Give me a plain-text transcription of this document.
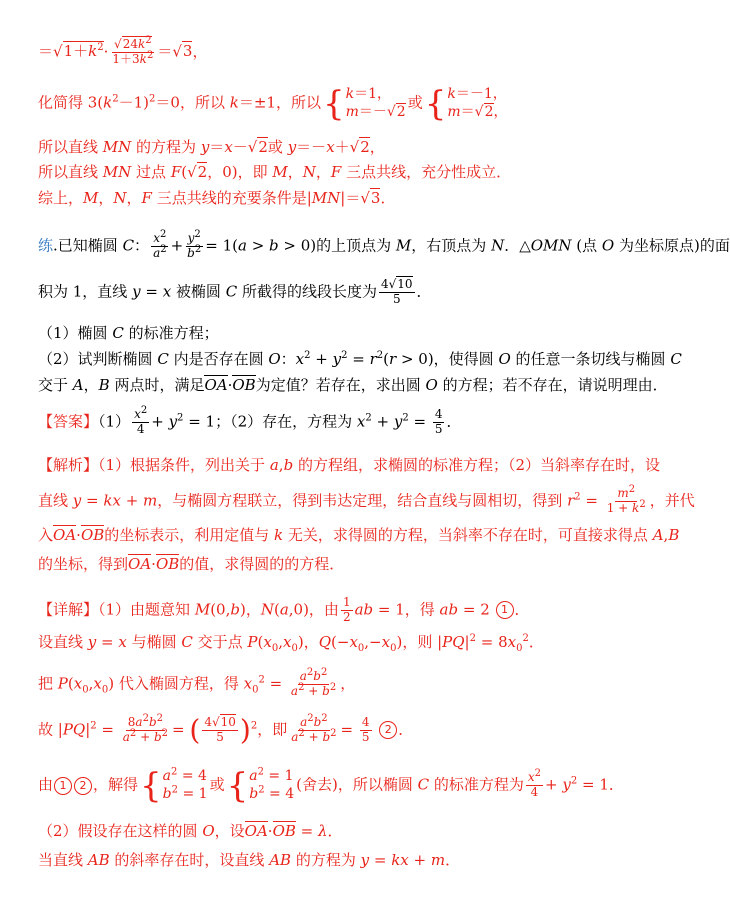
$=√1+k^2\cdot \frac{√24k^2}{1+3k^2} =√3$，
化简得 $3(k^2-1)^2=0$，所以 k＝±1，所以 { k＝1，
m＝－√2 或 { k＝－1，
m＝√2，
所以直线 MN 的方程为 y＝x－√2或 y＝－x＋√2，
所以直线 MN 过点 F(√2，0)，即 M，N，F 三点共线，充分性成立．
综上，M，N，F 三点共线的充要条件是|MN|＝√3．
练.已知椭圆 C： $\frac{x^2}{a^2} + \frac{y^2}{b^2} = 1(a > b > 0)$的上顶点为 M，右顶点为 N．△OMN (点 O 为坐标原点)的面
积为 1，直线 y = x 被椭圆 C 所截得的线段长度为 $\frac{4√10}{5}$ ．
（1）椭圆 C 的标准方程；
（2）试判断椭圆 C 内是否存在圆 O：$x^2 + y^2 = r^2(r > 0)$，使得圆 O 的任意一条切线与椭圆 C
交于 A，B 两点时，满足OA·OB为定值？若存在，求出圆 O 的方程；若不存在，请说明理由．
【答案】$(1) \frac{x^2}{4} + y^2 = 1$；（2）存在，方程为 $x^2 + y^2 = \frac{4}{5}$ ．
【解析】（1）根据条件，列出关于 a,b 的方程组，求椭圆的标准方程；（2）当斜率存在时，设
直线 y = kx + m，与椭圆方程联立，得到韦达定理，结合直线与圆相切，得到 $r^2 = \frac{m^2}{1 + k^2}$ ，并代
入OA·OB的坐标表示，利用定值与 k 无关，求得圆的方程，当斜率不存在时，可直接求得点 A,B
的坐标，得到OA·OB的值，求得圆的的方程．
【详解】（1）由题意知 M(0,b)，N(a,0)，由 $\frac{1}{2}$ ab = 1，得 ab = 2 1 ．
设直线 y = x 与椭圆 C 交于点 $P(x_0,x_0)$，$Q(-x_0,-x_0)$，则 $|PQ|^2 = 8x_0^2$．
把 $P(x_0,x_0)$ 代入椭圆方程，得 $x_0^2 = \frac{a^2b^2}{a^2 + b^2}$ ，
故 $|PQ|^2 = \frac{8a^2b^2}{a^2 + b^2}$ = ( $\frac{4√10}{5} )^2$，即 $\frac{a^2b^2}{a^2 + b^2} = \frac{4}{5} 2$ ．
由 1 2 ，解得 { $a^2 = 4$
$b^2 = 1$ 或 { $a^2 = 1$
$b^2 = 4$ (舍去)，所以椭圆 C 的标准方程为 $\frac{x^2}{4} + y^2 = 1$．
（2）假设存在这样的圆 O，设OA·OB = λ．
当直线 AB 的斜率存在时，设直线 AB 的方程为 y = kx + m．
